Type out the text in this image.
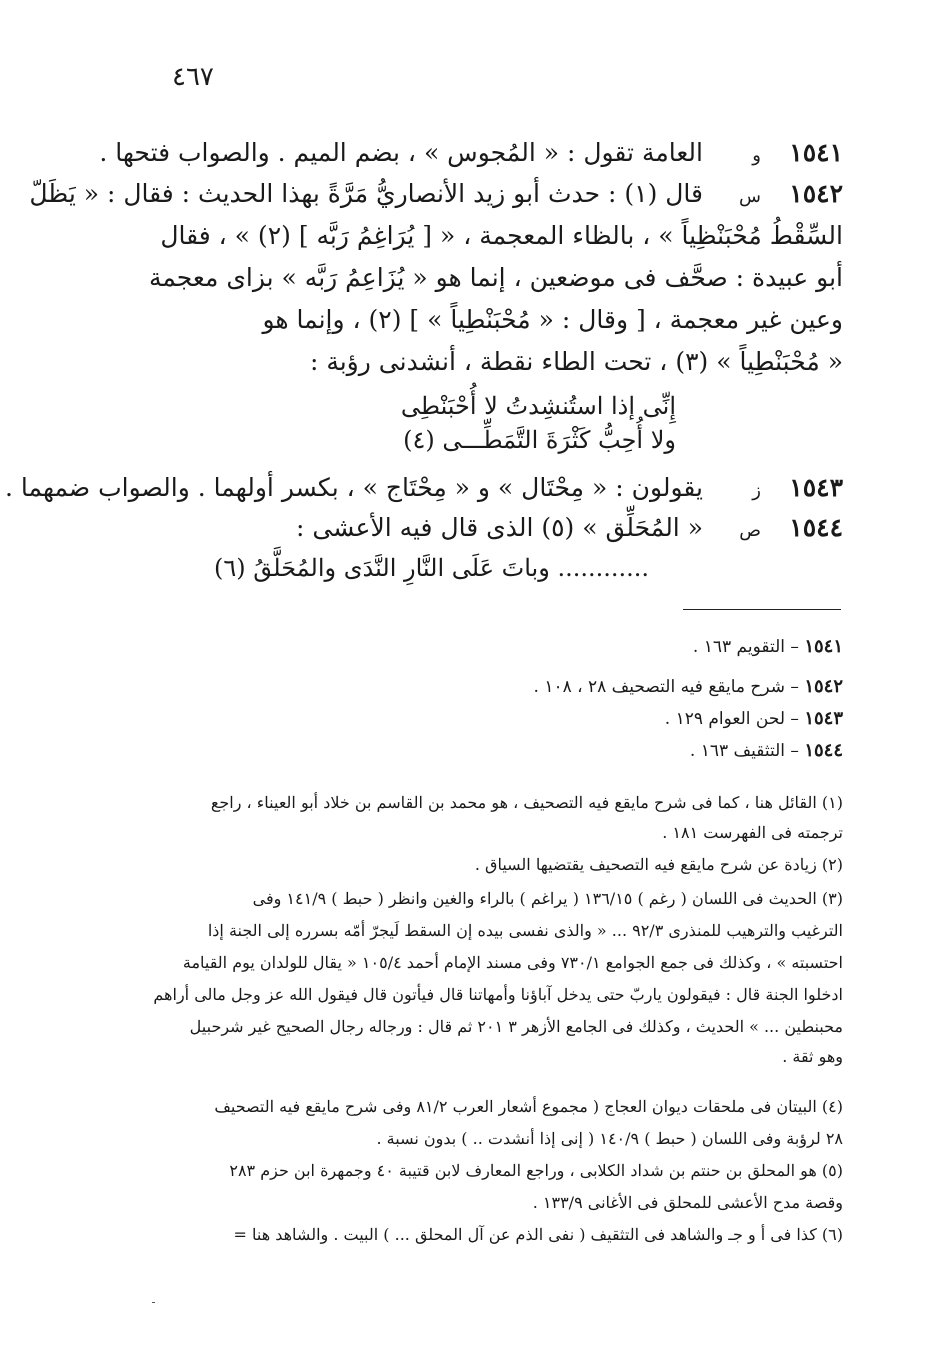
٤٦٧
١٥٤١والعامة تقول : « المُجوس » ، بضم الميم . والصواب فتحها .
١٥٤٢سقال (١) : حدث أبو زيد الأنصاريُّ مَرَّةً بهذا الحديث : فقال : « يَظَلّ
السِّقْطُ مُحْبَنْظِياً » ، بالظاء المعجمة ، « [ يُرَاغِمُ رَبَّه ] (٢) » ، فقال
أبو عبيدة : صحَّف فى موضعين ، إنما هو « يُزَاعِمُ رَبَّه » بزاى معجمة
وعين غير معجمة ، [ وقال : « مُحْبَنْطِياً » ] (٢) ، وإنما هو
« مُحْبَنْطِياً » (٣) ، تحت الطاء نقطة ، أنشدنى رؤبة :
إِنِّى إذا استُنشِدتُ لا أُحْبَنْطِى
ولا أُحِبُّ كَثْرَةَ التَّمَطِّـــى (٤)
١٥٤٣زيقولون : « مِحْتَال » و « مِحْتَاج » ، بكسر أولهما . والصواب ضمهما .
١٥٤٤ص« المُحَلِّق » (٥) الذى قال فيه الأعشى :
............ وباتَ عَلَى النَّارِ النَّدَى والمُحَلَّقُ (٦)
١٥٤١ – التقويم ١٦٣ .
١٥٤٢ – شرح مايقع فيه التصحيف ٢٨ ، ١٠٨ .
١٥٤٣ – لحن العوام ١٢٩ .
١٥٤٤ – التثقيف ١٦٣ .
(١) القائل هنا ، كما فى شرح مايقع فيه التصحيف ، هو محمد بن القاسم بن خلاد أبو العيناء ، راجع
ترجمته فى الفهرست ١٨١ .
(٢) زيادة عن شرح مايقع فيه التصحيف يقتضيها السياق .
(٣) الحديث فى اللسان ( رغم ) ١٣٦/١٥ ( يراغم ) بالراء والغين وانظر ( حبط ) ١٤١/٩ وفى
الترغيب والترهيب للمنذرى ٩٢/٣ ... « والذى نفسى بيده إن السقط لَيجرّ أمّه بسرره إلى الجنة إذا
احتسبته » ، وكذلك فى جمع الجوامع ٧٣٠/١ وفى مسند الإمام أحمد ١٠٥/٤ « يقال للولدان يوم القيامة
ادخلوا الجنة قال : فيقولون ياربّ حتى يدخل آباؤنا وأمهاتنا قال فيأتون قال فيقول الله عز وجل مالى أراهم
محبنطين ... » الحديث ، وكذلك فى الجامع الأزهر ٣ ٢٠١ ثم قال : ورجاله رجال الصحيح غير شرحبيل
وهو ثقة .
(٤) البيتان فى ملحقات ديوان العجاج ( مجموع أشعار العرب ٨١/٢ وفى شرح مايقع فيه التصحيف
٢٨ لرؤبة وفى اللسان ( حبط ) ١٤٠/٩ ( إنى إذا أنشدت .. ) بدون نسبة .
(٥) هو المحلق بن حنتم بن شداد الكلابى ، وراجع المعارف لابن قتيبة ٤٠ وجمهرة ابن حزم ٢٨٣
وقصة مدح الأعشى للمحلق فى الأغانى ١٣٣/٩ .
(٦) كذا فى أ و جـ والشاهد فى التثقيف ( نفى الذم عن آل المحلق ... ) البيت . والشاهد هنا =
